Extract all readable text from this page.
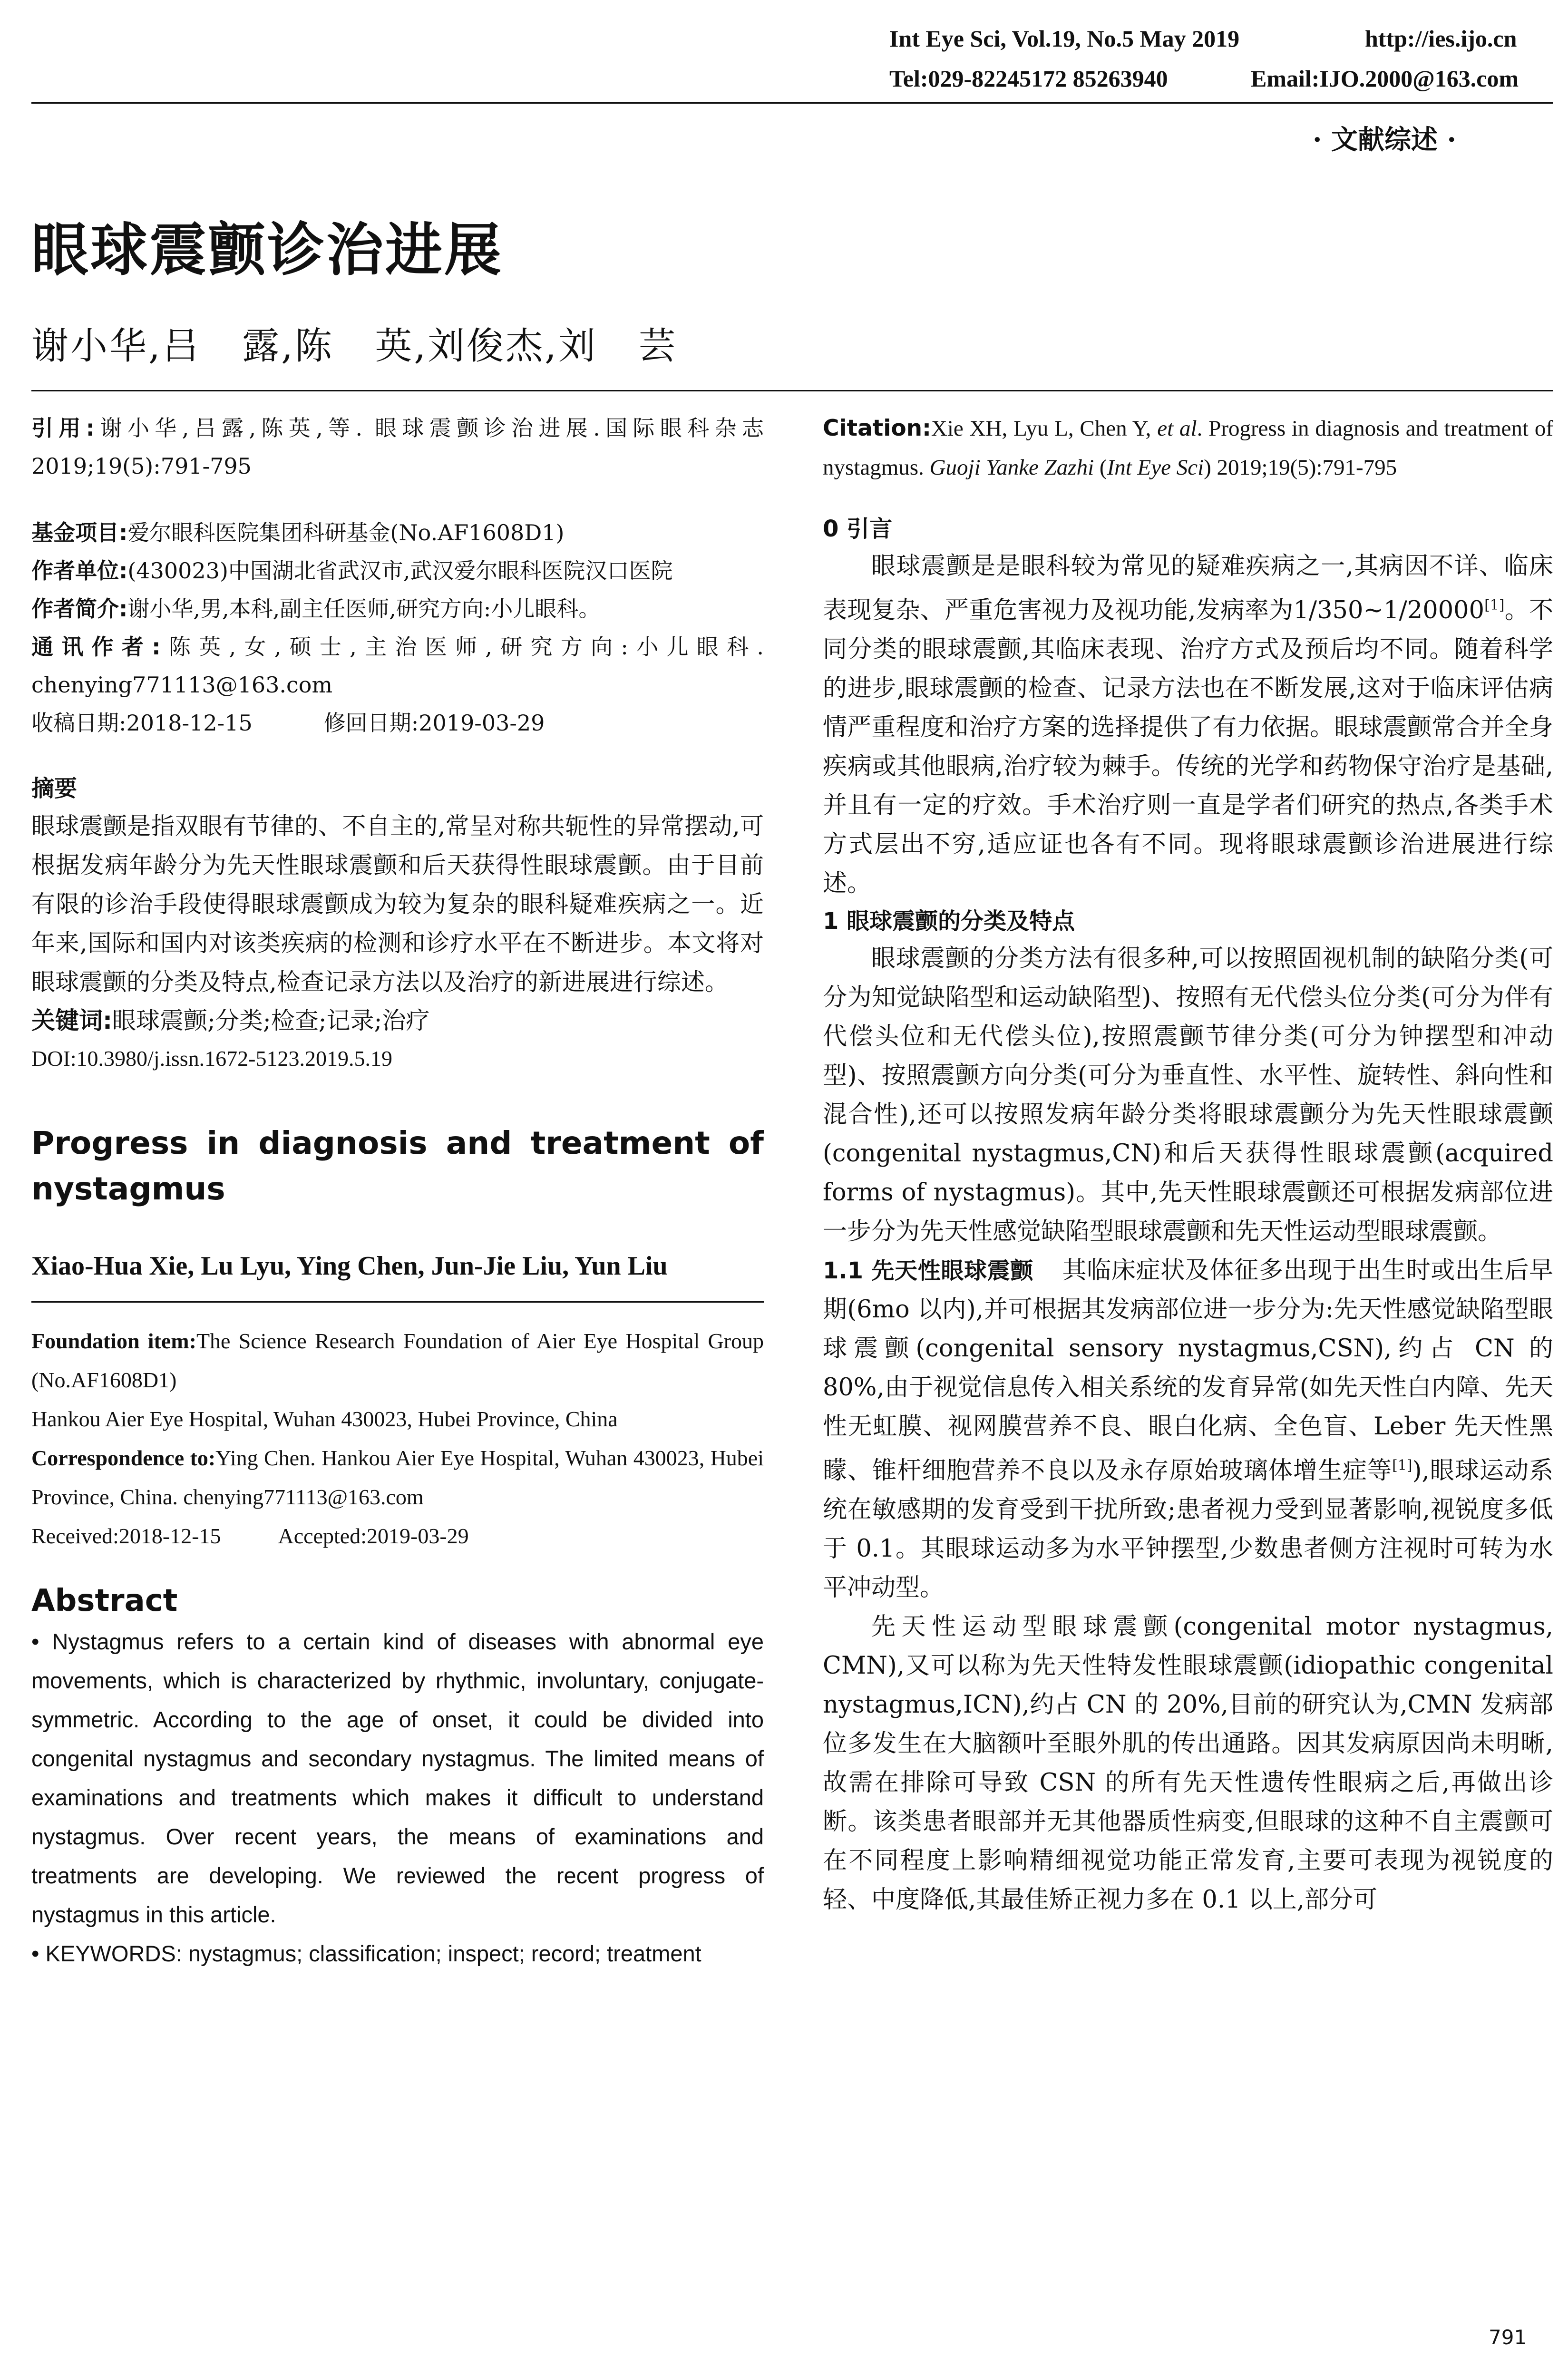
Int Eye Sci, Vol.19, No.5 May 2019	http://ies.ijo.cn
Tel:029-82245172 85263940	Email:IJO.2000@163.com
· 文献综述 ·
眼球震颤诊治进展
谢小华,吕   露,陈   英,刘俊杰,刘   芸

引用:谢小华,吕露,陈英,等. 眼球震颤诊治进展.国际眼科杂志 2019;19(5):791-795

基金项目:爱尔眼科医院集团科研基金(No.AF1608D1)

作者单位:(430023)中国湖北省武汉市,武汉爱尔眼科医院汉口医院

作者简介:谢小华,男,本科,副主任医师,研究方向:小儿眼科。

通讯作者:陈英,女,硕士,主治医师,研究方向:小儿眼科. chenying771113@163.com

收稿日期:2018-12-15	修回日期:2019-03-29

摘要

眼球震颤是指双眼有节律的、不自主的,常呈对称共轭性的异常摆动,可根据发病年龄分为先天性眼球震颤和后天获得性眼球震颤。由于目前有限的诊治手段使得眼球震颤成为较为复杂的眼科疑难疾病之一。近年来,国际和国内对该类疾病的检测和诊疗水平在不断进步。本文将对眼球震颤的分类及特点,检查记录方法以及治疗的新进展进行综述。

关键词:眼球震颤;分类;检查;记录;治疗

DOI:10.3980/j.issn.1672-5123.2019.5.19

Progress in diagnosis and treatment of nystagmus

Xiao-Hua Xie, Lu Lyu, Ying Chen, Jun-Jie Liu, Yun Liu

Foundation item:The Science Research Foundation of Aier Eye Hospital Group (No.AF1608D1)

Hankou Aier Eye Hospital, Wuhan 430023, Hubei Province, China

Correspondence to:Ying Chen. Hankou Aier Eye Hospital, Wuhan 430023, Hubei Province, China. chenying771113@163.com

Received:2018-12-15	Accepted:2019-03-29

Abstract

• Nystagmus refers to a certain kind of diseases with abnormal eye movements, which is characterized by rhythmic, involuntary, conjugate-symmetric. According to the age of onset, it could be divided into congenital nystagmus and secondary nystagmus. The limited means of examinations and treatments which makes it difficult to understand nystagmus. Over recent years, the means of examinations and treatments are developing. We reviewed the recent progress of nystagmus in this article.

• KEYWORDS: nystagmus; classification; inspect; record; treatment

Citation:Xie XH, Lyu L, Chen Y, et al. Progress in diagnosis and treatment of nystagmus. Guoji Yanke Zazhi (Int Eye Sci) 2019;19(5):791-795

0 引言

眼球震颤是是眼科较为常见的疑难疾病之一,其病因不详、临床表现复杂、严重危害视力及视功能,发病率为1/350~1/20000[1]。不同分类的眼球震颤,其临床表现、治疗方式及预后均不同。随着科学的进步,眼球震颤的检查、记录方法也在不断发展,这对于临床评估病情严重程度和治疗方案的选择提供了有力依据。眼球震颤常合并全身疾病或其他眼病,治疗较为棘手。传统的光学和药物保守治疗是基础,并且有一定的疗效。手术治疗则一直是学者们研究的热点,各类手术方式层出不穷,适应证也各有不同。现将眼球震颤诊治进展进行综述。

1 眼球震颤的分类及特点

眼球震颤的分类方法有很多种,可以按照固视机制的缺陷分类(可分为知觉缺陷型和运动缺陷型)、按照有无代偿头位分类(可分为伴有代偿头位和无代偿头位),按照震颤节律分类(可分为钟摆型和冲动型)、按照震颤方向分类(可分为垂直性、水平性、旋转性、斜向性和混合性),还可以按照发病年龄分类将眼球震颤分为先天性眼球震颤(congenital nystagmus,CN)和后天获得性眼球震颤(acquired forms of nystagmus)。其中,先天性眼球震颤还可根据发病部位进一步分为先天性感觉缺陷型眼球震颤和先天性运动型眼球震颤。

1.1 先天性眼球震颤 其临床症状及体征多出现于出生时或出生后早期(6mo 以内),并可根据其发病部位进一步分为:先天性感觉缺陷型眼球震颤(congenital sensory nystagmus,CSN),约占 CN 的 80%,由于视觉信息传入相关系统的发育异常(如先天性白内障、先天性无虹膜、视网膜营养不良、眼白化病、全色盲、Leber 先天性黑矇、锥杆细胞营养不良以及永存原始玻璃体增生症等[1]),眼球运动系统在敏感期的发育受到干扰所致;患者视力受到显著影响,视锐度多低于 0.1。其眼球运动多为水平钟摆型,少数患者侧方注视时可转为水平冲动型。

先天性运动型眼球震颤(congenital motor nystagmus, CMN),又可以称为先天性特发性眼球震颤(idiopathic congenital nystagmus,ICN),约占 CN 的 20%,目前的研究认为,CMN 发病部位多发生在大脑额叶至眼外肌的传出通路。因其发病原因尚未明晰,故需在排除可导致 CSN 的所有先天性遗传性眼病之后,再做出诊断。该类患者眼部并无其他器质性病变,但眼球的这种不自主震颤可在不同程度上影响精细视觉功能正常发育,主要可表现为视锐度的轻、中度降低,其最佳矫正视力多在 0.1 以上,部分可

791
